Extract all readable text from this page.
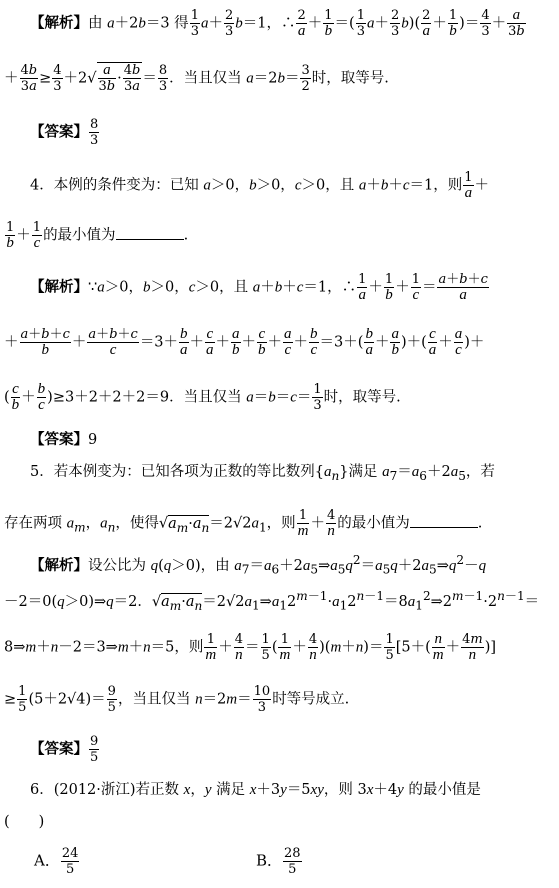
【解析】由 a＋2b＝3 得 $\frac{1}{3} a+ \frac{2}{3} b=1$，∴ $\frac{2}{a} + \frac{1}{b}$ ＝( $\frac{1}{3} a+ \frac{2}{3} b)( \frac{2}{a} + \frac{1}{b}$ )＝ $\frac{4}{3} + \frac{a}{3b}$
＋ $\frac{4b}{3a} \ge \frac{4}{3} +2√ \frac{a}{3b} \cdot \frac{4b}{3a} = \frac{8}{3}$ ．当且仅当 $a=2b= \frac{3}{2}$ 时，取等号.
【答案】 $\frac{8}{3}$
4．本例的条件变为：已知 a＞0，b＞0，c＞0，且 a＋b＋c＝1，则 $\frac{1}{a}$ ＋
$\frac{1}{b} + \frac{1}{c}$ 的最小值为	.
【解析】∵a＞0，b＞0，c＞0，且 a＋b＋c＝1，∴ $\frac{1}{a} + \frac{1}{b} + \frac{1}{c} = \frac{a+b+c}{a}$
＋ $\frac{a+b+c}{b} + \frac{a+b+c}{c} =3+ \frac{b}{a} + \frac{c}{a} + \frac{a}{b} + \frac{c}{b} + \frac{a}{c} + \frac{b}{c} =3+( \frac{b}{a} + \frac{a}{b}$ )＋( $\frac{c}{a} + \frac{a}{c}$ )＋
( $\frac{c}{b} + \frac{b}{c} )\ge 3+2+2+2=9$．当且仅当 $a=b=c= \frac{1}{3}$ 时，取等号.
【答案】9
5．若本例变为：已知各项为正数的等比数列$\{a_n\}$满足 $a_7=a_6+2a_5$，若
存在两项 $a_m$，$a_n$，使得$√a_m\cdot a_n=2√2a_1$，则 $\frac{1}{m} + \frac{4}{n}$ 的最小值为	.
【解析】设公比为 q(q＞0)，由 $a_7=a_6+2a_5\Rightarrow a_5q^2=a_5q+2a_5\Rightarrow q^2-q$
－2＝0(q＞0)⇒q＝2．$√a_m\cdot a_n=2√2a_1\Rightarrow a_12^{m-1}\cdot a_12^{n-1}=8a_1^2\Rightarrow 2^{m-1}\cdot 2^{n-1}=$
8⇒m＋n－2＝3⇒m＋n＝5，则 $\frac{1}{m} + \frac{4}{n} = \frac{1}{5}$ ( $\frac{1}{m} + \frac{4}{n} )(m+n)= \frac{1}{5} [5+( \frac{n}{m} + \frac{4m}{n}$ )]
≥ $\frac{1}{5} (5+2√4)= \frac{9}{5}$ ，当且仅当 $n=2m= \frac{10}{3}$ 时等号成立.
【答案】 $\frac{9}{5}$
6．(2012·浙江)若正数 x，y 满足 x＋3y＝5xy，则 3x＋4y 的最小值是
(　　)
A． $\frac{24}{5}$	B． $\frac{28}{5}$
